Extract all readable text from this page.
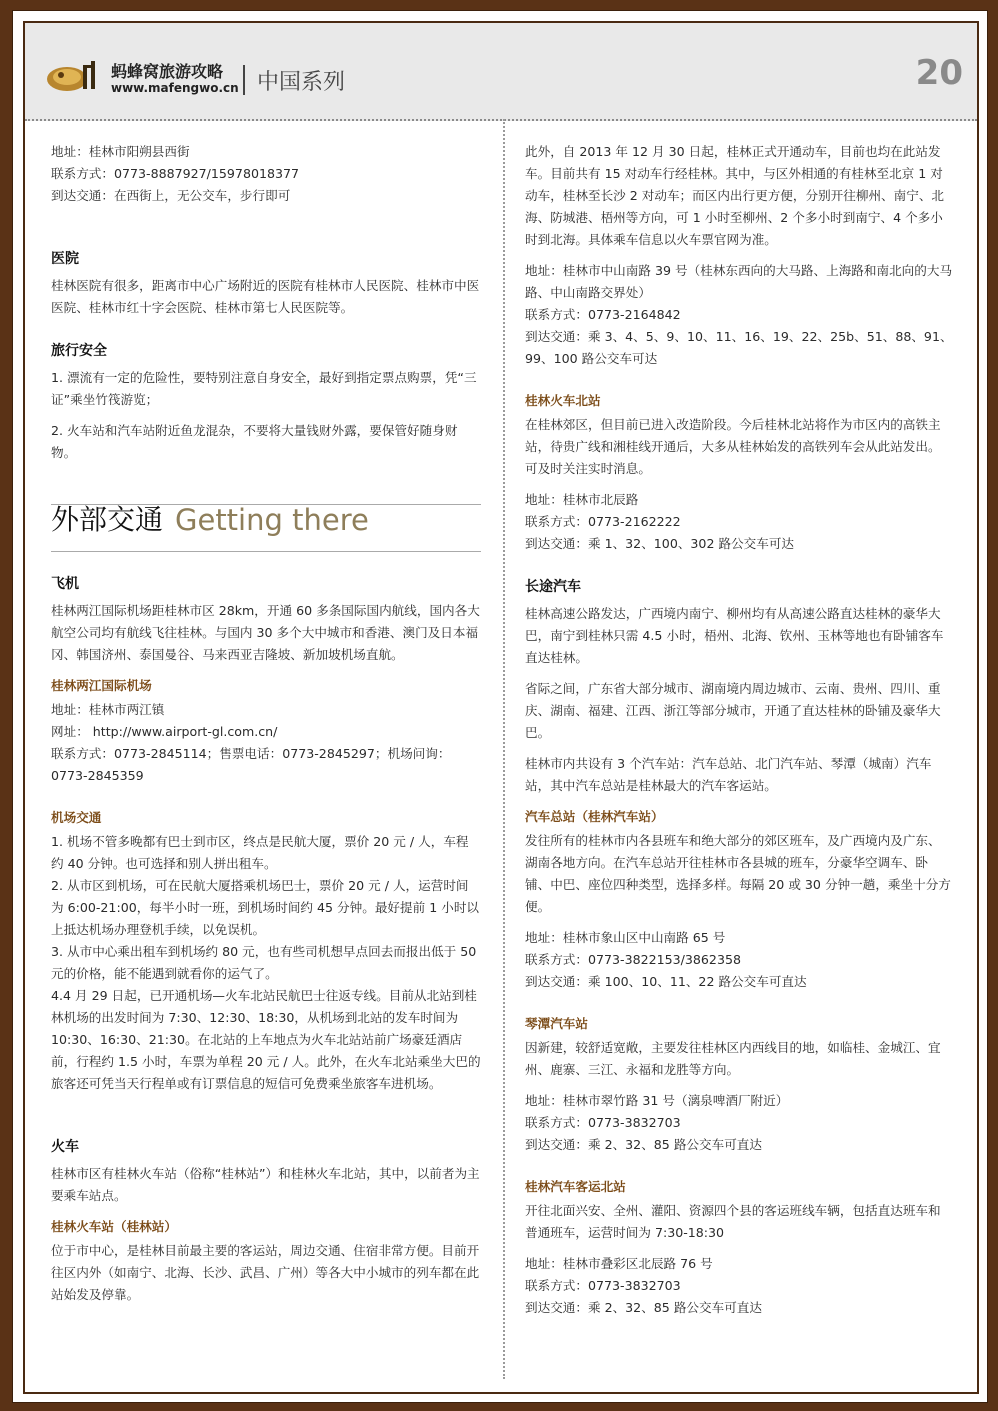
蚂蜂窝旅游攻略
www.mafengwo.cn 中国系列	20

地址：桂林市阳朔县西街

联系方式：0773-8887927/15978018377

到达交通：在西街上，无公交车，步行即可

医院

桂林医院有很多，距离市中心广场附近的医院有桂林市人民医院、桂林市中医医院、桂林市红十字会医院、桂林市第七人民医院等。

旅行安全

1. 漂流有一定的危险性，要特别注意自身安全，最好到指定票点购票，凭“三证”乘坐竹筏游览；

2. 火车站和汽车站附近鱼龙混杂，不要将大量钱财外露，要保管好随身财物。

外部交通 Getting there
飞机

桂林两江国际机场距桂林市区 28km，开通 60 多条国际国内航线，国内各大航空公司均有航线飞往桂林。与国内 30 多个大中城市和香港、澳门及日本福冈、韩国济州、泰国曼谷、马来西亚吉隆坡、新加坡机场直航。

桂林两江国际机场

地址：桂林市两江镇

网址： http://www.airport-gl.com.cn/

联系方式：0773-2845114；售票电话：0773-2845297；机场问询：0773-2845359

机场交通

1. 机场不管多晚都有巴士到市区，终点是民航大厦，票价 20 元 / 人，车程约 40 分钟。也可选择和别人拼出租车。

2. 从市区到机场，可在民航大厦搭乘机场巴士，票价 20 元 / 人，运营时间为 6:00-21:00，每半小时一班，到机场时间约 45 分钟。最好提前 1 小时以上抵达机场办理登机手续，以免误机。

3. 从市中心乘出租车到机场约 80 元，也有些司机想早点回去而报出低于 50 元的价格，能不能遇到就看你的运气了。

4.4 月 29 日起，已开通机场—火车北站民航巴士往返专线。目前从北站到桂林机场的出发时间为 7:30、12:30、18:30，从机场到北站的发车时间为 10:30、16:30、21:30。在北站的上车地点为火车北站站前广场豪廷酒店前，行程约 1.5 小时，车票为单程 20 元 / 人。此外，在火车北站乘坐大巴的旅客还可凭当天行程单或有订票信息的短信可免费乘坐旅客车进机场。

火车

桂林市区有桂林火车站（俗称“桂林站”）和桂林火车北站，其中，以前者为主要乘车站点。

桂林火车站（桂林站）

位于市中心，是桂林目前最主要的客运站，周边交通、住宿非常方便。目前开往区内外（如南宁、北海、长沙、武昌、广州）等各大中小城市的列车都在此站始发及停靠。

此外，自 2013 年 12 月 30 日起，桂林正式开通动车，目前也均在此站发车。目前共有 15 对动车行经桂林。其中，与区外相通的有桂林至北京 1 对动车，桂林至长沙 2 对动车；而区内出行更方便，分别开往柳州、南宁、北海、防城港、梧州等方向，可 1 小时至柳州、2 个多小时到南宁、4 个多小时到北海。具体乘车信息以火车票官网为准。

地址：桂林市中山南路 39 号（桂林东西向的大马路、上海路和南北向的大马路、中山南路交界处）

联系方式：0773-2164842

到达交通：乘 3、4、5、9、10、11、16、19、22、25b、51、88、91、99、100 路公交车可达

桂林火车北站

在桂林郊区，但目前已进入改造阶段。今后桂林北站将作为市区内的高铁主站，待贵广线和湘桂线开通后，大多从桂林始发的高铁列车会从此站发出。可及时关注实时消息。

地址：桂林市北辰路

联系方式：0773-2162222

到达交通：乘 1、32、100、302 路公交车可达

长途汽车

桂林高速公路发达，广西境内南宁、柳州均有从高速公路直达桂林的豪华大巴，南宁到桂林只需 4.5 小时，梧州、北海、钦州、玉林等地也有卧铺客车直达桂林。

省际之间，广东省大部分城市、湖南境内周边城市、云南、贵州、四川、重庆、湖南、福建、江西、浙江等部分城市，开通了直达桂林的卧铺及豪华大巴。

桂林市内共设有 3 个汽车站：汽车总站、北门汽车站、琴潭（城南）汽车站，其中汽车总站是桂林最大的汽车客运站。

汽车总站（桂林汽车站）

发往所有的桂林市内各县班车和绝大部分的郊区班车，及广西境内及广东、湖南各地方向。在汽车总站开往桂林市各县城的班车，分豪华空调车、卧铺、中巴、座位四种类型，选择多样。每隔 20 或 30 分钟一趟，乘坐十分方便。

地址：桂林市象山区中山南路 65 号

联系方式：0773-3822153/3862358

到达交通：乘 100、10、11、22 路公交车可直达

琴潭汽车站

因新建，较舒适宽敞，主要发往桂林区内西线目的地，如临桂、金城江、宜州、鹿寨、三江、永福和龙胜等方向。

地址：桂林市翠竹路 31 号（漓泉啤酒厂附近）

联系方式：0773-3832703

到达交通：乘 2、32、85 路公交车可直达

桂林汽车客运北站

开往北面兴安、全州、灌阳、资源四个县的客运班线车辆，包括直达班车和普通班车，运营时间为 7:30-18:30

地址：桂林市叠彩区北辰路 76 号

联系方式：0773-3832703

到达交通：乘 2、32、85 路公交车可直达
